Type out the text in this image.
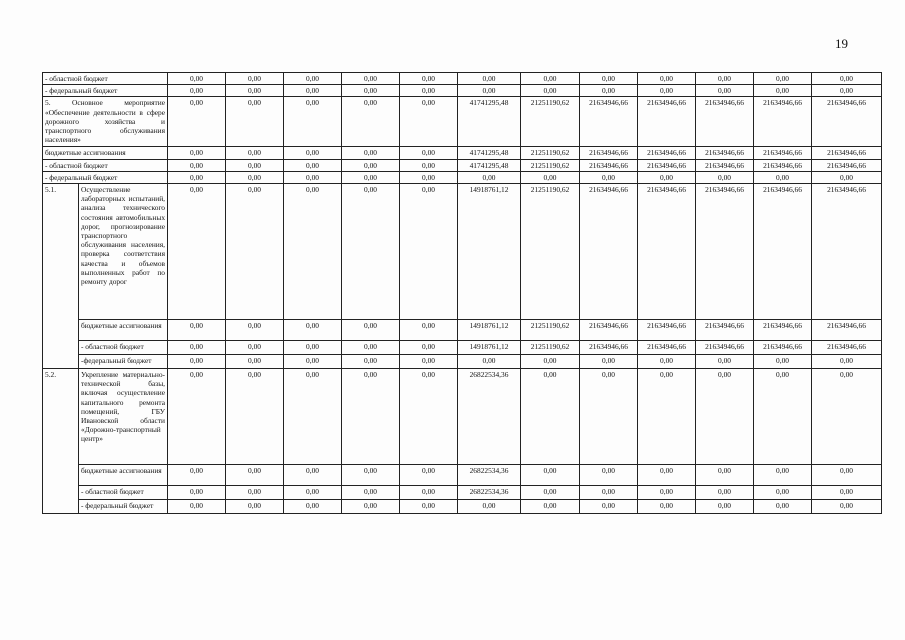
19
- областной бюджет		0,00	0,00	0,00	0,00	0,00	0,00	0,00	0,00	0,00	0,00	0,00	0,00
- федеральный бюджет		0,00	0,00	0,00	0,00	0,00	0,00	0,00	0,00	0,00	0,00	0,00	0,00
5. Основное мероприятие «Обеспечение деятельности в сфере дорожного хозяйства и транспортного обслуживания населения»		0,00	0,00	0,00	0,00	0,00	41741295,48	21251190,62	21634946,66	21634946,66	21634946,66	21634946,66	21634946,66
бюджетные ассигнования		0,00	0,00	0,00	0,00	0,00	41741295,48	21251190,62	21634946,66	21634946,66	21634946,66	21634946,66	21634946,66
- областной бюджет		0,00	0,00	0,00	0,00	0,00	41741295,48	21251190,62	21634946,66	21634946,66	21634946,66	21634946,66	21634946,66
- федеральный бюджет		0,00	0,00	0,00	0,00	0,00	0,00	0,00	0,00	0,00	0,00	0,00	0,00
5.1.	Осуществление лабораторных испытаний, анализа технического состояния автомобильных дорог, прогнозирование транспортного обслуживания населения, проверка соответствия качества и объемов выполненных работ по ремонту дорог	0,00	0,00	0,00	0,00	0,00	14918761,12	21251190,62	21634946,66	21634946,66	21634946,66	21634946,66	21634946,66
	бюджетные ассигнования	0,00	0,00	0,00	0,00	0,00	14918761,12	21251190,62	21634946,66	21634946,66	21634946,66	21634946,66	21634946,66
	- областной бюджет	0,00	0,00	0,00	0,00	0,00	14918761,12	21251190,62	21634946,66	21634946,66	21634946,66	21634946,66	21634946,66
	-федеральный бюджет	0,00	0,00	0,00	0,00	0,00	0,00	0,00	0,00	0,00	0,00	0,00	0,00
5.2.	Укрепление материально-технической базы, включая осуществление капитального ремонта помещений, ГБУ Ивановской области «Дорожно-транспортный центр»	0,00	0,00	0,00	0,00	0,00	26822534,36	0,00	0,00	0,00	0,00	0,00	0,00
	бюджетные ассигнования	0,00	0,00	0,00	0,00	0,00	26822534,36	0,00	0,00	0,00	0,00	0,00	0,00
	- областной бюджет	0,00	0,00	0,00	0,00	0,00	26822534,36	0,00	0,00	0,00	0,00	0,00	0,00
	- федеральный бюджет	0,00	0,00	0,00	0,00	0,00	0,00	0,00	0,00	0,00	0,00	0,00	0,00
